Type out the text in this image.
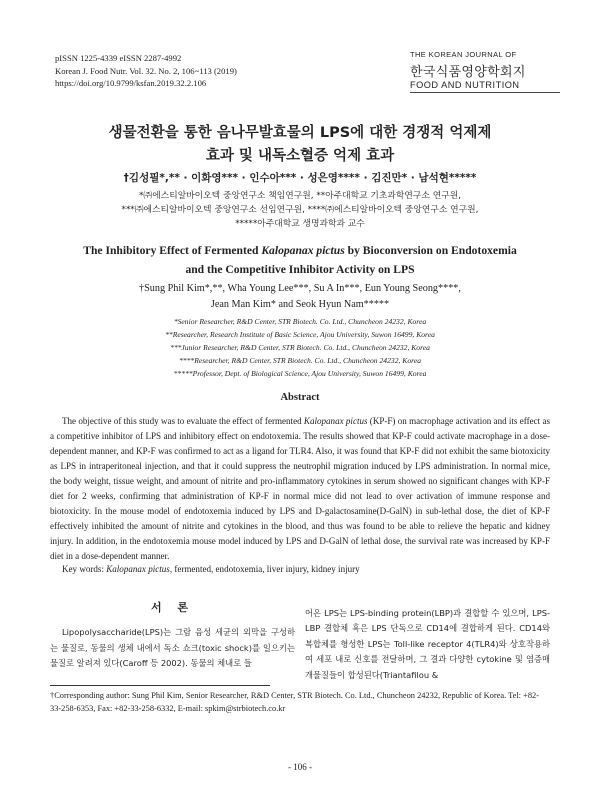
pISSN 1225-4339 eISSN 2287-4992
Korean J. Food Nutr. Vol. 32. No. 2, 106~113 (2019)
https://doi.org/10.9799/ksfan.2019.32.2.106
THE KOREAN JOURNAL OF
한국식품영양학회지
FOOD AND NUTRITION
생물전환을 통한 음나무발효물의 LPS에 대한 경쟁적 억제제
효과 및 내독소혈증 억제 효과
†김성필*,** · 이화영*** · 인수아*** · 성은영**** · 김진만* · 남석현*****
*㈜에스티알바이오텍 중앙연구소 책임연구원, **아주대학교 기초과학연구소 연구원,
***㈜에스티알바이오텍 중앙연구소 선임연구원, ****㈜에스티알바이오텍 중앙연구소 연구원,
*****아주대학교 생명과학과 교수
The Inhibitory Effect of Fermented Kalopanax pictus by Bioconversion on Endotoxemia
and the Competitive Inhibitor Activity on LPS
†Sung Phil Kim*,**, Wha Young Lee***, Su A In***, Eun Young Seong****,
Jean Man Kim* and Seok Hyun Nam*****
*Senior Researcher, R&D Center, STR Biotech. Co. Ltd., Chuncheon 24232, Korea
**Researcher, Research Institute of Basic Science, Ajou University, Suwon 16499, Korea
***Junior Researcher, R&D Center, STR Biotech. Co. Ltd., Chuncheon 24232, Korea
****Researcher, R&D Center, STR Biotech. Co. Ltd., Chuncheon 24232, Korea
*****Professor, Dept. of Biological Science, Ajou University, Suwon 16499, Korea
Abstract

The objective of this study was to evaluate the effect of fermented Kalopanax pictus (KP-F) on macrophage activation and its effect as a competitive inhibitor of LPS and inhibitory effect on endotoxemia. The results showed that KP-F could activate macrophage in a dose-dependent manner, and KP-F was confirmed to act as a ligand for TLR4. Also, it was found that KP-F did not exhibit the same biotoxicity as LPS in intraperitoneal injection, and that it could suppress the neutrophil migration induced by LPS administration. In normal mice, the body weight, tissue weight, and amount of nitrite and pro-inflammatory cytokines in serum showed no significant changes with KP-F diet for 2 weeks, confirming that administration of KP-F in normal mice did not lead to over activation of immune response and biotoxicity. In the mouse model of endotoxemia induced by LPS and D-galactosamine(D-GalN) in sub-lethal dose, the diet of KP-F effectively inhibited the amount of nitrite and cytokines in the blood, and thus was found to be able to relieve the hepatic and kidney injury. In addition, in the endotoxemia mouse model induced by LPS and D-GalN of lethal dose, the survival rate was increased by KP-F diet in a dose-dependent manner.

Key words: Kalopanax pictus, fermented, endotoxemia, liver injury, kidney injury
서 론

Lipopolysaccharide(LPS)는 그람 음성 세균의 외막을 구성하는 물질로, 동물의 생체 내에서 독소 쇼크(toxic shock)를 일으키는 물질로 알려져 있다(Caroff 등 2002). 동물의 체내로 들

어온 LPS는 LPS-binding protein(LBP)과 결합할 수 있으며, LPS-LBP 결합체 혹은 LPS 단독으로 CD14에 결합하게 된다. CD14와 복합체를 형성한 LPS는 Toll-like receptor 4(TLR4)와 상호작용하여 세포 내로 신호를 전달하며, 그 결과 다양한 cytokine 및 염증매개물질들이 합성된다(Triantafilou &

†Corresponding author: Sung Phil Kim, Senior Researcher, R&D Center, STR Biotech. Co. Ltd., Chuncheon 24232, Republic of Korea. Tel: +82-33-258-6353, Fax: +82-33-258-6332, E-mail: spkim@strbiotech.co.kr
- 106 -
